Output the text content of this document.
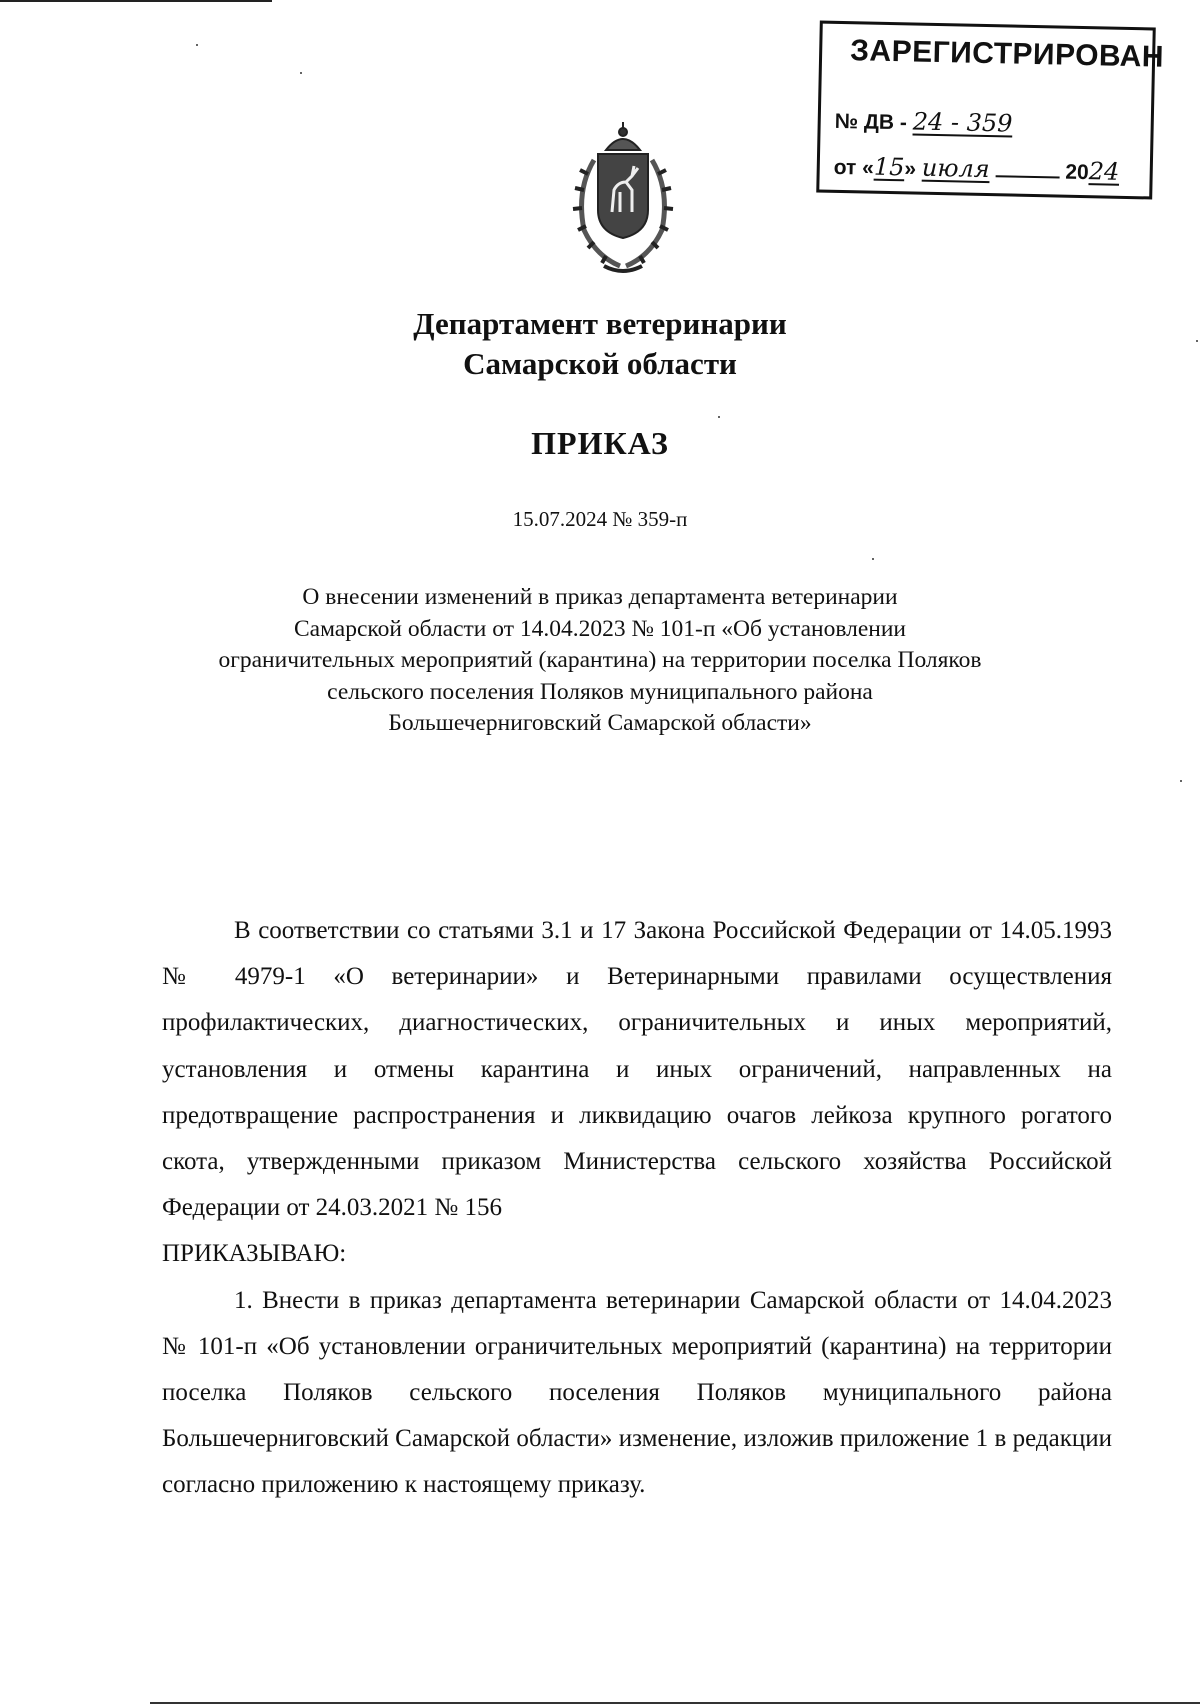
ЗАРЕГИСТРИРОВАН
№ ДВ - 24 - 359
от «15» июля	2024
Департамент ветеринарии
Самарской области
ПРИКАЗ
15.07.2024 № 359-п
О внесении изменений в приказ департамента ветеринарии
Самарской области от 14.04.2023 № 101-п «Об установлении
ограничительных мероприятий (карантина) на территории поселка Поляков
сельского поселения Поляков муниципального района
Большечерниговский Самарской области»

В соответствии со статьями 3.1 и 17 Закона Российской Федерации от 14.05.1993 № 4979-1 «О ветеринарии» и Ветеринарными правилами осуществления профилактических, диагностических, ограничительных и иных мероприятий, установления и отмены карантина и иных ограничений, направленных на предотвращение распространения и ликвидацию очагов лейкоза крупного рогатого скота, утвержденными приказом Министерства сельского хозяйства Российской Федерации от 24.03.2021 № 156

ПРИКАЗЫВАЮ:

1. Внести в приказ департамента ветеринарии Самарской области от 14.04.2023 № 101-п «Об установлении ограничительных мероприятий (карантина) на территории поселка Поляков сельского поселения Поляков муниципального района Большечерниговский Самарской области» изменение, изложив приложение 1 в редакции согласно приложению к настоящему приказу.
